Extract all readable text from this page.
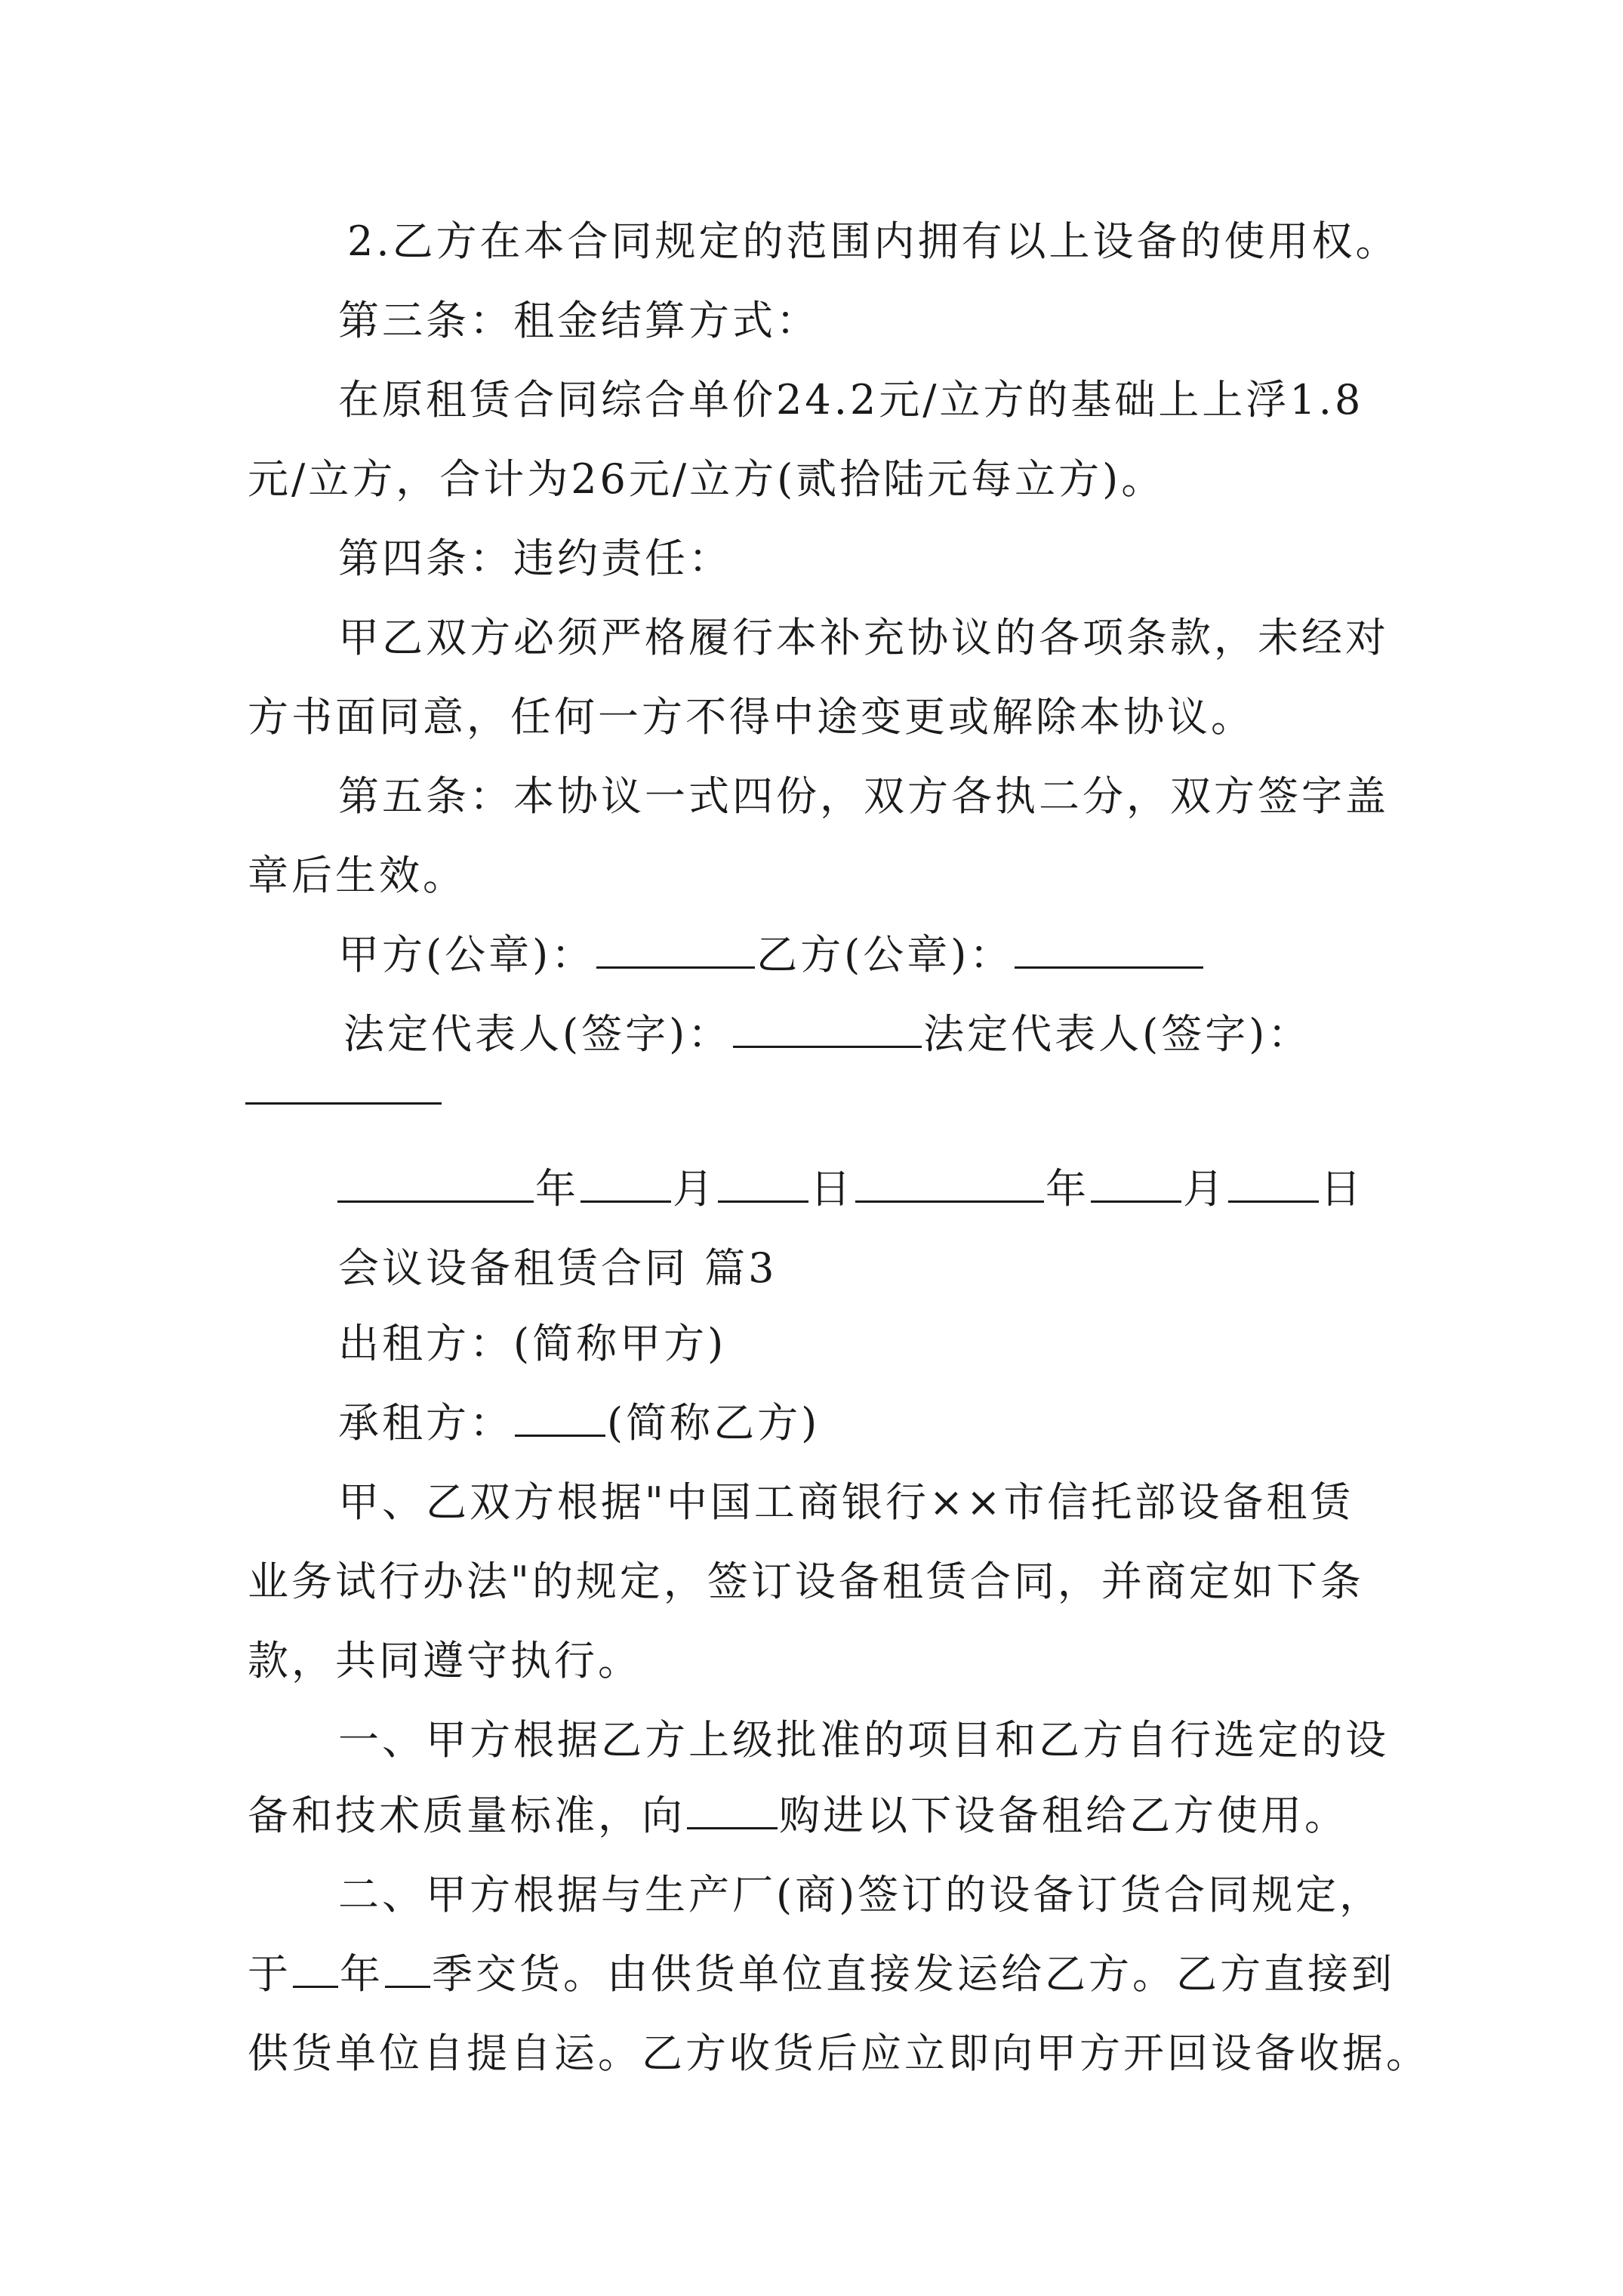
2.乙方在本合同规定的范围内拥有以上设备的使用权。
第三条：租金结算方式：
在原租赁合同综合单价24.2元/立方的基础上上浮1.8
元/立方，合计为26元/立方(贰拾陆元每立方)。
第四条：违约责任：
甲乙双方必须严格履行本补充协议的各项条款，未经对
方书面同意，任何一方不得中途变更或解除本协议。
第五条：本协议一式四份，双方各执二分，双方签字盖
章后生效。
甲方(公章)：	乙方(公章)：
法定代表人(签字)：	法定代表人(签字)：
年 月 日	年 月 日
会议设备租赁合同 篇3
出租方：(简称甲方)
承租方： (简称乙方)
甲、乙双方根据"中国工商银行××市信托部设备租赁
业务试行办法"的规定，签订设备租赁合同，并商定如下条
款，共同遵守执行。
一、甲方根据乙方上级批准的项目和乙方自行选定的设
备和技术质量标准，向 购进以下设备租给乙方使用。
二、甲方根据与生产厂(商)签订的设备订货合同规定，
于 年 季交货。由供货单位直接发运给乙方。乙方直接到
供货单位自提自运。乙方收货后应立即向甲方开回设备收据。
